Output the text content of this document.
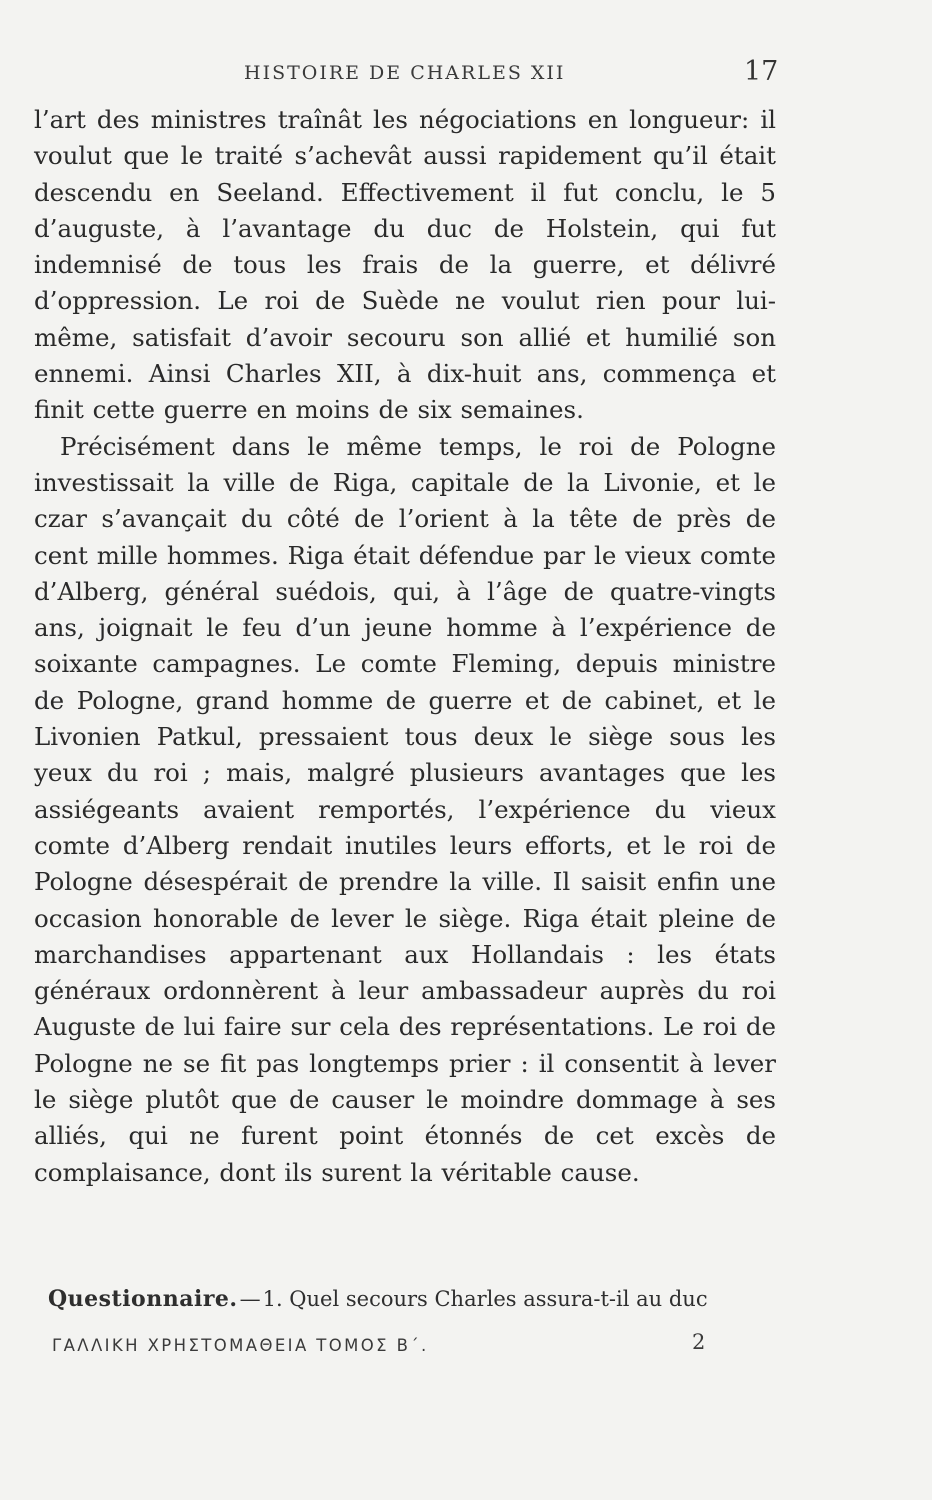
HISTOIRE DE CHARLES XII	17

l’art des ministres traînât les négociations en longueur: il voulut que le traité s’achevât aussi rapidement qu’il était descendu en Seeland. Effectivement il fut conclu, le 5 d’auguste, à l’avantage du duc de Holstein, qui fut indemnisé de tous les frais de la guerre, et délivré d’oppression. Le roi de Suède ne voulut rien pour lui-même, satisfait d’avoir secouru son allié et humilié son ennemi. Ainsi Charles XII, à dix-huit ans, commença et finit cette guerre en moins de six semaines.

Précisément dans le même temps, le roi de Pologne investissait la ville de Riga, capitale de la Livonie, et le czar s’avançait du côté de l’orient à la tête de près de cent mille hommes. Riga était défendue par le vieux comte d’Alberg, général suédois, qui, à l’âge de quatre-vingts ans, joignait le feu d’un jeune homme à l’expérience de soixante campagnes. Le comte Fleming, depuis ministre de Pologne, grand homme de guerre et de cabinet, et le Livonien Patkul, pressaient tous deux le siège sous les yeux du roi ; mais, malgré plusieurs avantages que les assiégeants avaient remportés, l’expérience du vieux comte d’Alberg rendait inutiles leurs efforts, et le roi de Pologne désespérait de prendre la ville. Il saisit enfin une occasion honorable de lever le siège. Riga était pleine de marchandises appartenant aux Hollandais : les états généraux ordonnèrent à leur ambassadeur auprès du roi Auguste de lui faire sur cela des représentations. Le roi de Pologne ne se fit pas longtemps prier : il consentit à lever le siège plutôt que de causer le moindre dommage à ses alliés, qui ne furent point étonnés de cet excès de complaisance, dont ils surent la véritable cause.

Questionnaire.—1. Quel secours Charles assura-t-il au duc
ΓΑΛΛΙΚΗ ΧΡΗΣΤΟΜΑΘΕΙΑ ΤΟΜΟΣ Β΄.	2
